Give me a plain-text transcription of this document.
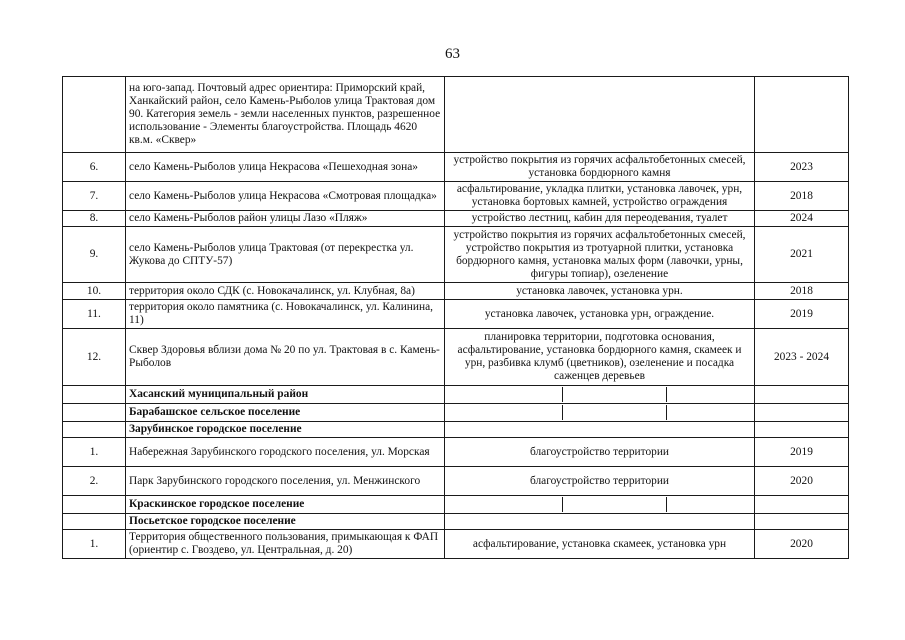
63
	на юго-запад. Почтовый адрес ориентира: Приморский край, Ханкайский район, село Камень-Рыболов улица Трактовая дом 90. Категория земель - земли населенных пунктов, разрешенное использование - Элементы благоустройства. Площадь 4620 кв.м. «Сквер»		
6.	село Камень-Рыболов улица Некрасова «Пешеходная зона»	устройство покрытия из горячих асфальтобетонных смесей, установка бордюрного камня	2023
7.	село Камень-Рыболов улица Некрасова «Смотровая площадка»	асфальтирование, укладка плитки, установка лавочек, урн, установка бортовых камней, устройство ограждения	2018
8.	село Камень-Рыболов район улицы Лазо «Пляж»	устройство лестниц, кабин для переодевания, туалет	2024
9.	село Камень-Рыболов улица Трактовая (от перекрестка ул. Жукова до СПТУ-57)	устройство покрытия из горячих асфальтобетонных смесей, устройство покрытия из тротуарной плитки, установка бордюрного камня, установка малых форм (лавочки, урны, фигуры топиар), озеленение	2021
10.	территория около СДК (с. Новокачалинск, ул. Клубная, 8а)	установка лавочек, установка урн.	2018
11.	территория около памятника (с. Новокачалинск, ул. Калинина, 11)	установка лавочек, установка урн, ограждение.	2019
12.	Сквер Здоровья вблизи дома № 20 по ул. Трактовая в с. Камень-Рыболов	планировка территории, подготовка основания, асфальтирование, установка бордюрного камня, скамеек и урн, разбивка клумб (цветников), озеленение и посадка саженцев деревьев	2023 - 2024
	Хасанский муниципальный район	

	Барабашское сельское поселение	

	Зарубинское городское поселение		
1.	Набережная Зарубинского городского поселения, ул. Морская	благоустройство территории	2019
2.	Парк Зарубинского городского поселения, ул. Менжинского	благоустройство территории	2020
	Краскинское городское поселение	

	Посьетское городское поселение		
1.	Территория общественного пользования, примыкающая к ФАП (ориентир с. Гвоздево, ул. Центральная, д. 20)	асфальтирование, установка скамеек, установка урн	2020
